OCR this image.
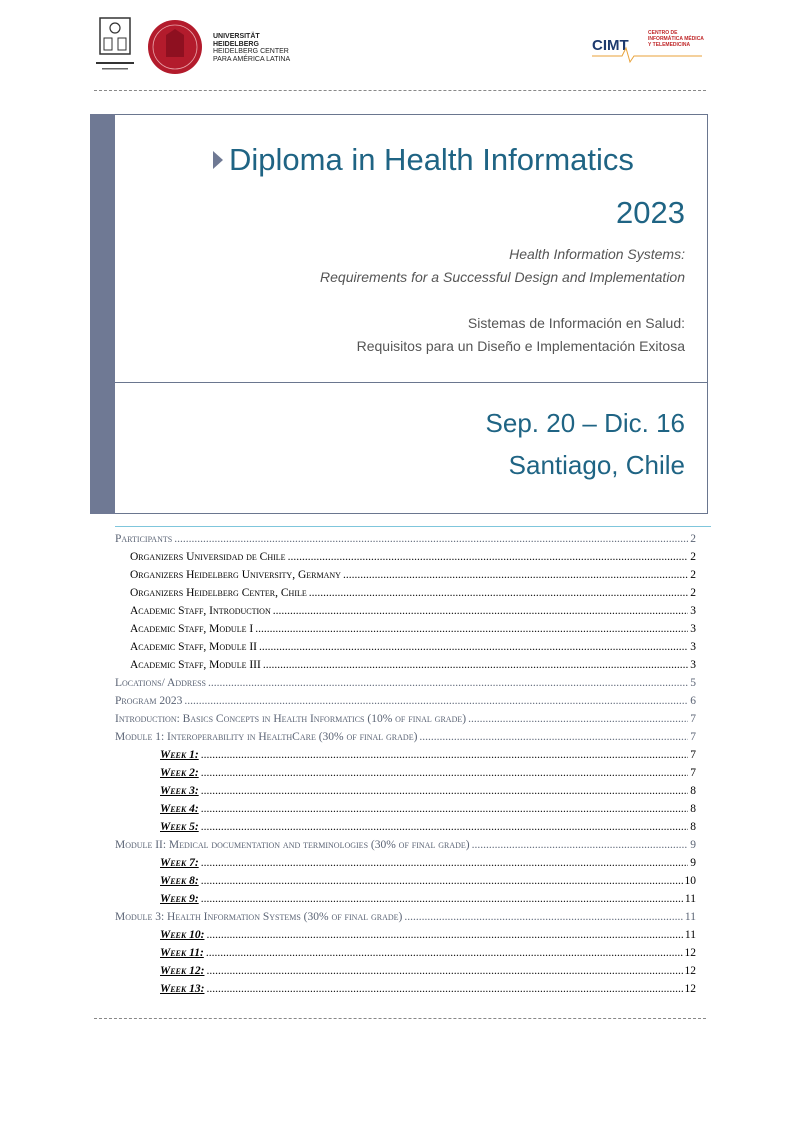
UNIVERSITÄT
HEIDELBERG
HEIDELBERG CENTER
PARA AMÉRICA LATINA
CIMT
CENTRO DE
INFORMÁTICA MÉDICA
Y TELEMEDICINA
Diploma in Health Informatics
2023
Health Information Systems:
Requirements for a Successful Design and Implementation
Sistemas de Información en Salud:
Requisitos para un Diseño e Implementación Exitosa
Sep. 20 – Dic. 16
Santiago, Chile
Participants .....	2
Organizers Universidad de Chile .....	2
Organizers Heidelberg University, Germany .....	2
Organizers Heidelberg Center, Chile .....	2
Academic Staff, Introduction .....	3
Academic Staff, Module I .....	3
Academic Staff, Module II .....	3
Academic Staff, Module III .....	3
Locations/ Address .....	5
Program 2023 .....	6
Introduction: Basics Concepts in Health Informatics (10% of final grade) .....	7
Module 1: Interoperability in HealthCare (30% of final grade) .....	7
Week 1: .....	7
Week 2: .....	7
Week 3: .....	8
Week 4: .....	8
Week 5: .....	8
Module II: Medical documentation and terminologies (30% of final grade) .....	9
Week 7: .....	9
Week 8: .....	10
Week 9: .....	11
Module 3: Health Information Systems (30% of final grade) .....	11
Week 10: .....	11
Week 11: .....	12
Week 12: .....	12
Week 13: .....	12
